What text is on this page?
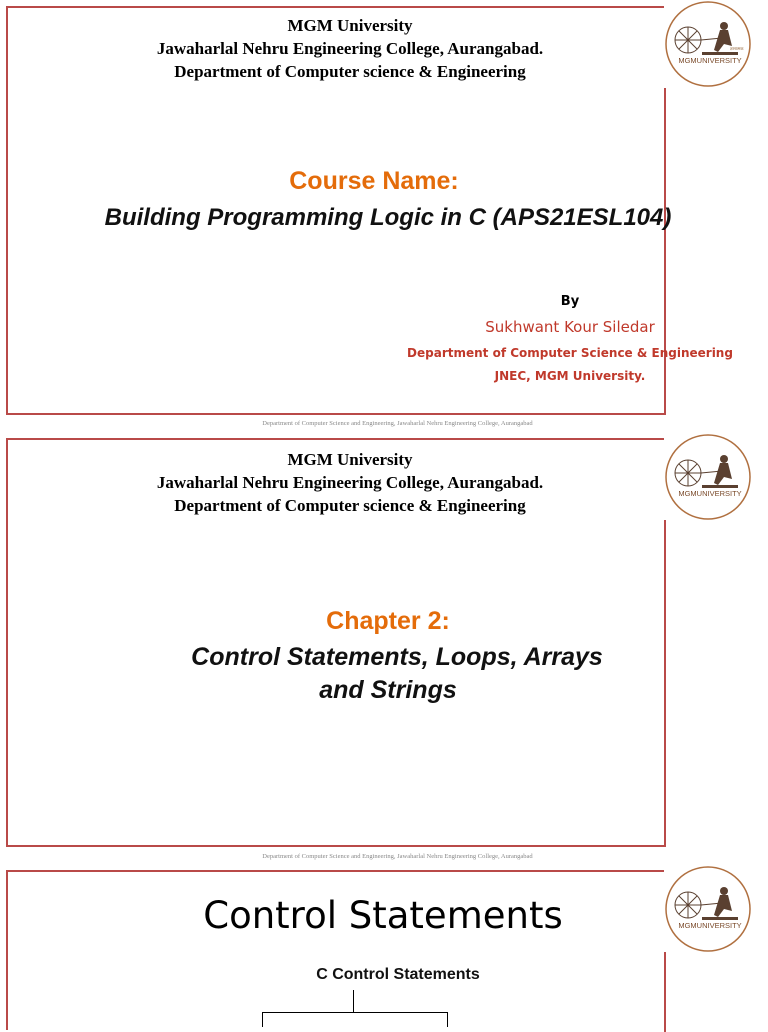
MGM University
Jawaharlal Nehru Engineering College, Aurangabad.
Department of Computer science & Engineering
ज्ञानात्मक
MGMUNIVERSITY
Course Name:
Building Programming Logic in C (APS21ESL104)
By
Sukhwant Kour Siledar
Department of Computer Science & Engineering
JNEC, MGM University.
Department of Computer Science and Engineering, Jawaharlal Nehru Engineering College, Aurangabad
MGM University
Jawaharlal Nehru Engineering College, Aurangabad.
Department of Computer science & Engineering
MGMUNIVERSITY
Chapter 2:
Control Statements, Loops, Arrays
and Strings
Department of Computer Science and Engineering, Jawaharlal Nehru Engineering College, Aurangabad
MGMUNIVERSITY
Control Statements
C Control Statements
